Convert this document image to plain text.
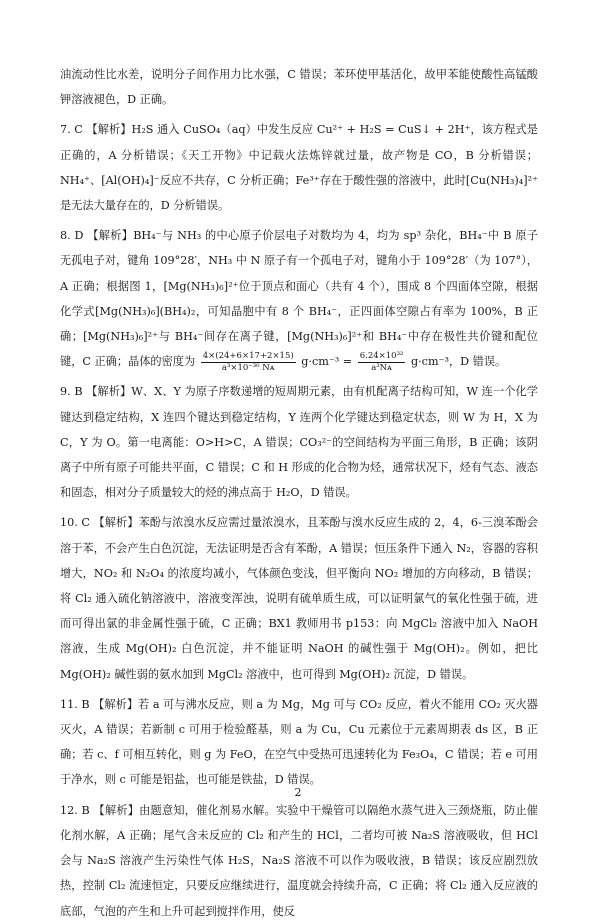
油流动性比水差，说明分子间作用力比水强，C 错误；苯环使甲基活化，故甲苯能使酸性高锰酸钾溶液褪色，D 正确。
7. C 【解析】H₂S 通入 CuSO₄（aq）中发生反应 Cu²⁺ + H₂S = CuS↓ + 2H⁺，该方程式是正确的，A 分析错误；《天工开物》中记载火法炼锌就过量，故产物是 CO，B 分析错误；NH₄⁺、[Al(OH)₄]⁻反应不共存，C 分析正确；Fe³⁺存在于酸性强的溶液中，此时[Cu(NH₃)₄]²⁺是无法大量存在的，D 分析错误。
8. D 【解析】BH₄⁻与 NH₃ 的中心原子价层电子对数均为 4，均为 sp³ 杂化，BH₄⁻中 B 原子无孤电子对，键角 109°28′，NH₃ 中 N 原子有一个孤电子对，键角小于 109°28′（为 107°），A 正确；根据图 1，[Mg(NH₃)₆]²⁺位于顶点和面心（共有 4 个），围成 8 个四面体空隙，根据化学式[Mg(NH₃)₆](BH₄)₂，可知晶胞中有 8 个 BH₄⁻，正四面体空隙占有率为 100%，B 正确；[Mg(NH₃)₆]²⁺与 BH₄⁻间存在离子键，[Mg(NH₃)₆]²⁺和 BH₄⁻中存在极性共价键和配位键，C 正确；晶体的密度为 $\frac{4\times(24+6\times 17+2\times 15)}{\text{a³×10⁻³⁰ Nᴀ}} g\cdot cm^{-3} = \frac{\text{6.24×10³²}}{\text{a³Nᴀ}} g\cdot cm^{-3}$，D 错误。
9. B 【解析】W、X、Y 为原子序数递增的短周期元素，由有机配离子结构可知，W 连一个化学键达到稳定结构，X 连四个键达到稳定结构，Y 连两个化学键达到稳定状态，则 W 为 H，X 为 C，Y 为 O。第一电离能：O>H>C，A 错误；CO₃²⁻的空间结构为平面三角形，B 正确；该阴离子中所有原子可能共平面，C 错误；C 和 H 形成的化合物为烃，通常状况下，烃有气态、液态和固态，相对分子质量较大的烃的沸点高于 H₂O，D 错误。
10. C 【解析】苯酚与浓溴水反应需过量浓溴水，且苯酚与溴水反应生成的 2，4，6-三溴苯酚会溶于苯，不会产生白色沉淀，无法证明是否含有苯酚，A 错误；恒压条件下通入 N₂，容器的容积增大，NO₂ 和 N₂O₄ 的浓度均减小，气体颜色变浅，但平衡向 NO₂ 增加的方向移动，B 错误；将 Cl₂ 通入硫化钠溶液中，溶液变浑浊，说明有硫单质生成，可以证明氯气的氧化性强于硫，进而可得出氯的非金属性强于硫，C 正确；BX1 教师用书 p153：向 MgCl₂ 溶液中加入 NaOH 溶液，生成 Mg(OH)₂ 白色沉淀，并不能证明 NaOH 的碱性强于 Mg(OH)₂。例如，把比 Mg(OH)₂ 碱性弱的氨水加到 MgCl₂ 溶液中，也可得到 Mg(OH)₂ 沉淀，D 错误。
11. B 【解析】若 a 可与沸水反应，则 a 为 Mg，Mg 可与 CO₂ 反应，着火不能用 CO₂ 灭火器灭火，A 错误；若新制 c 可用于检验醛基，则 a 为 Cu，Cu 元素位于元素周期表 ds 区，B 正确；若 c、f 可相互转化，则 g 为 FeO，在空气中受热可迅速转化为 Fe₃O₄，C 错误；若 e 可用于净水，则 c 可能是铝盐，也可能是铁盐，D 错误。
12. B 【解析】由题意知，催化剂易水解。实验中干燥管可以隔绝水蒸气进入三颈烧瓶，防止催化剂水解，A 正确；尾气含未反应的 Cl₂ 和产生的 HCl，二者均可被 Na₂S 溶液吸收，但 HCl 会与 Na₂S 溶液产生污染性气体 H₂S，Na₂S 溶液不可以作为吸收液，B 错误；该反应剧烈放热，控制 Cl₂ 流速恒定，只要反应继续进行，温度就会持续升高，C 正确；将 Cl₂ 通入反应液的底部，气泡的产生和上升可起到搅拌作用，使反
2
